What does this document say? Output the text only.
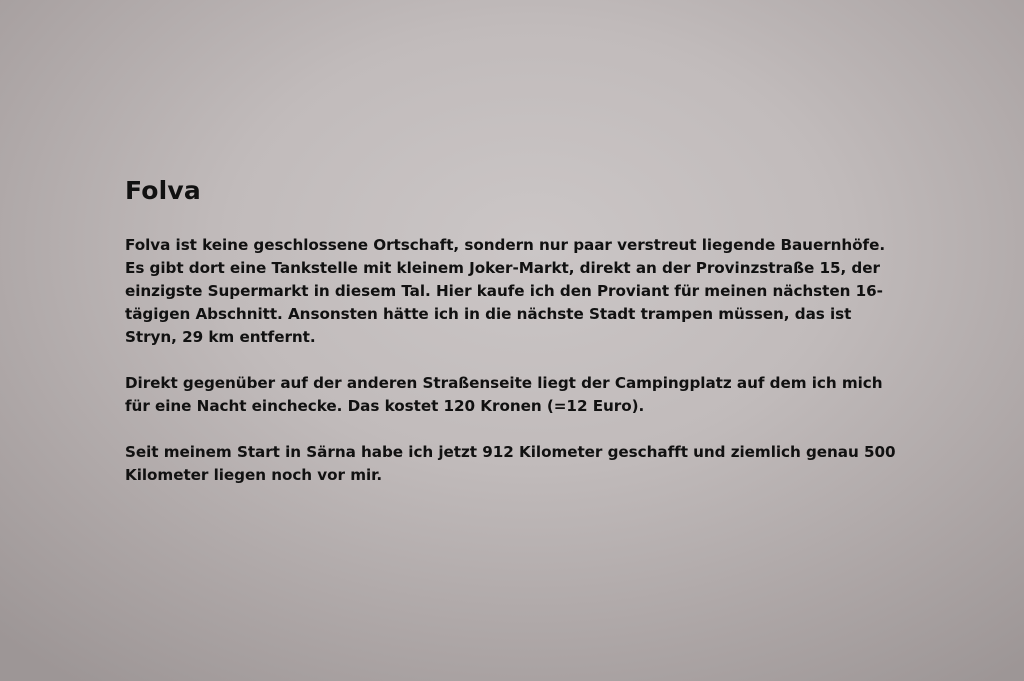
Folva

Folva ist keine geschlossene Ortschaft, sondern nur paar verstreut liegende Bauernhöfe. Es gibt dort eine Tankstelle mit kleinem Joker-Markt, direkt an der Provinzstraße 15, der einzigste Supermarkt in diesem Tal. Hier kaufe ich den Proviant für meinen nächsten 16-tägigen Abschnitt. Ansonsten hätte ich in die nächste Stadt trampen müssen, das ist Stryn, 29 km entfernt.

Direkt gegenüber auf der anderen Straßenseite liegt der Campingplatz auf dem ich mich für eine Nacht einchecke. Das kostet 120 Kronen (=12 Euro).

Seit meinem Start in Särna habe ich jetzt 912 Kilometer geschafft und ziemlich genau 500 Kilometer liegen noch vor mir.
